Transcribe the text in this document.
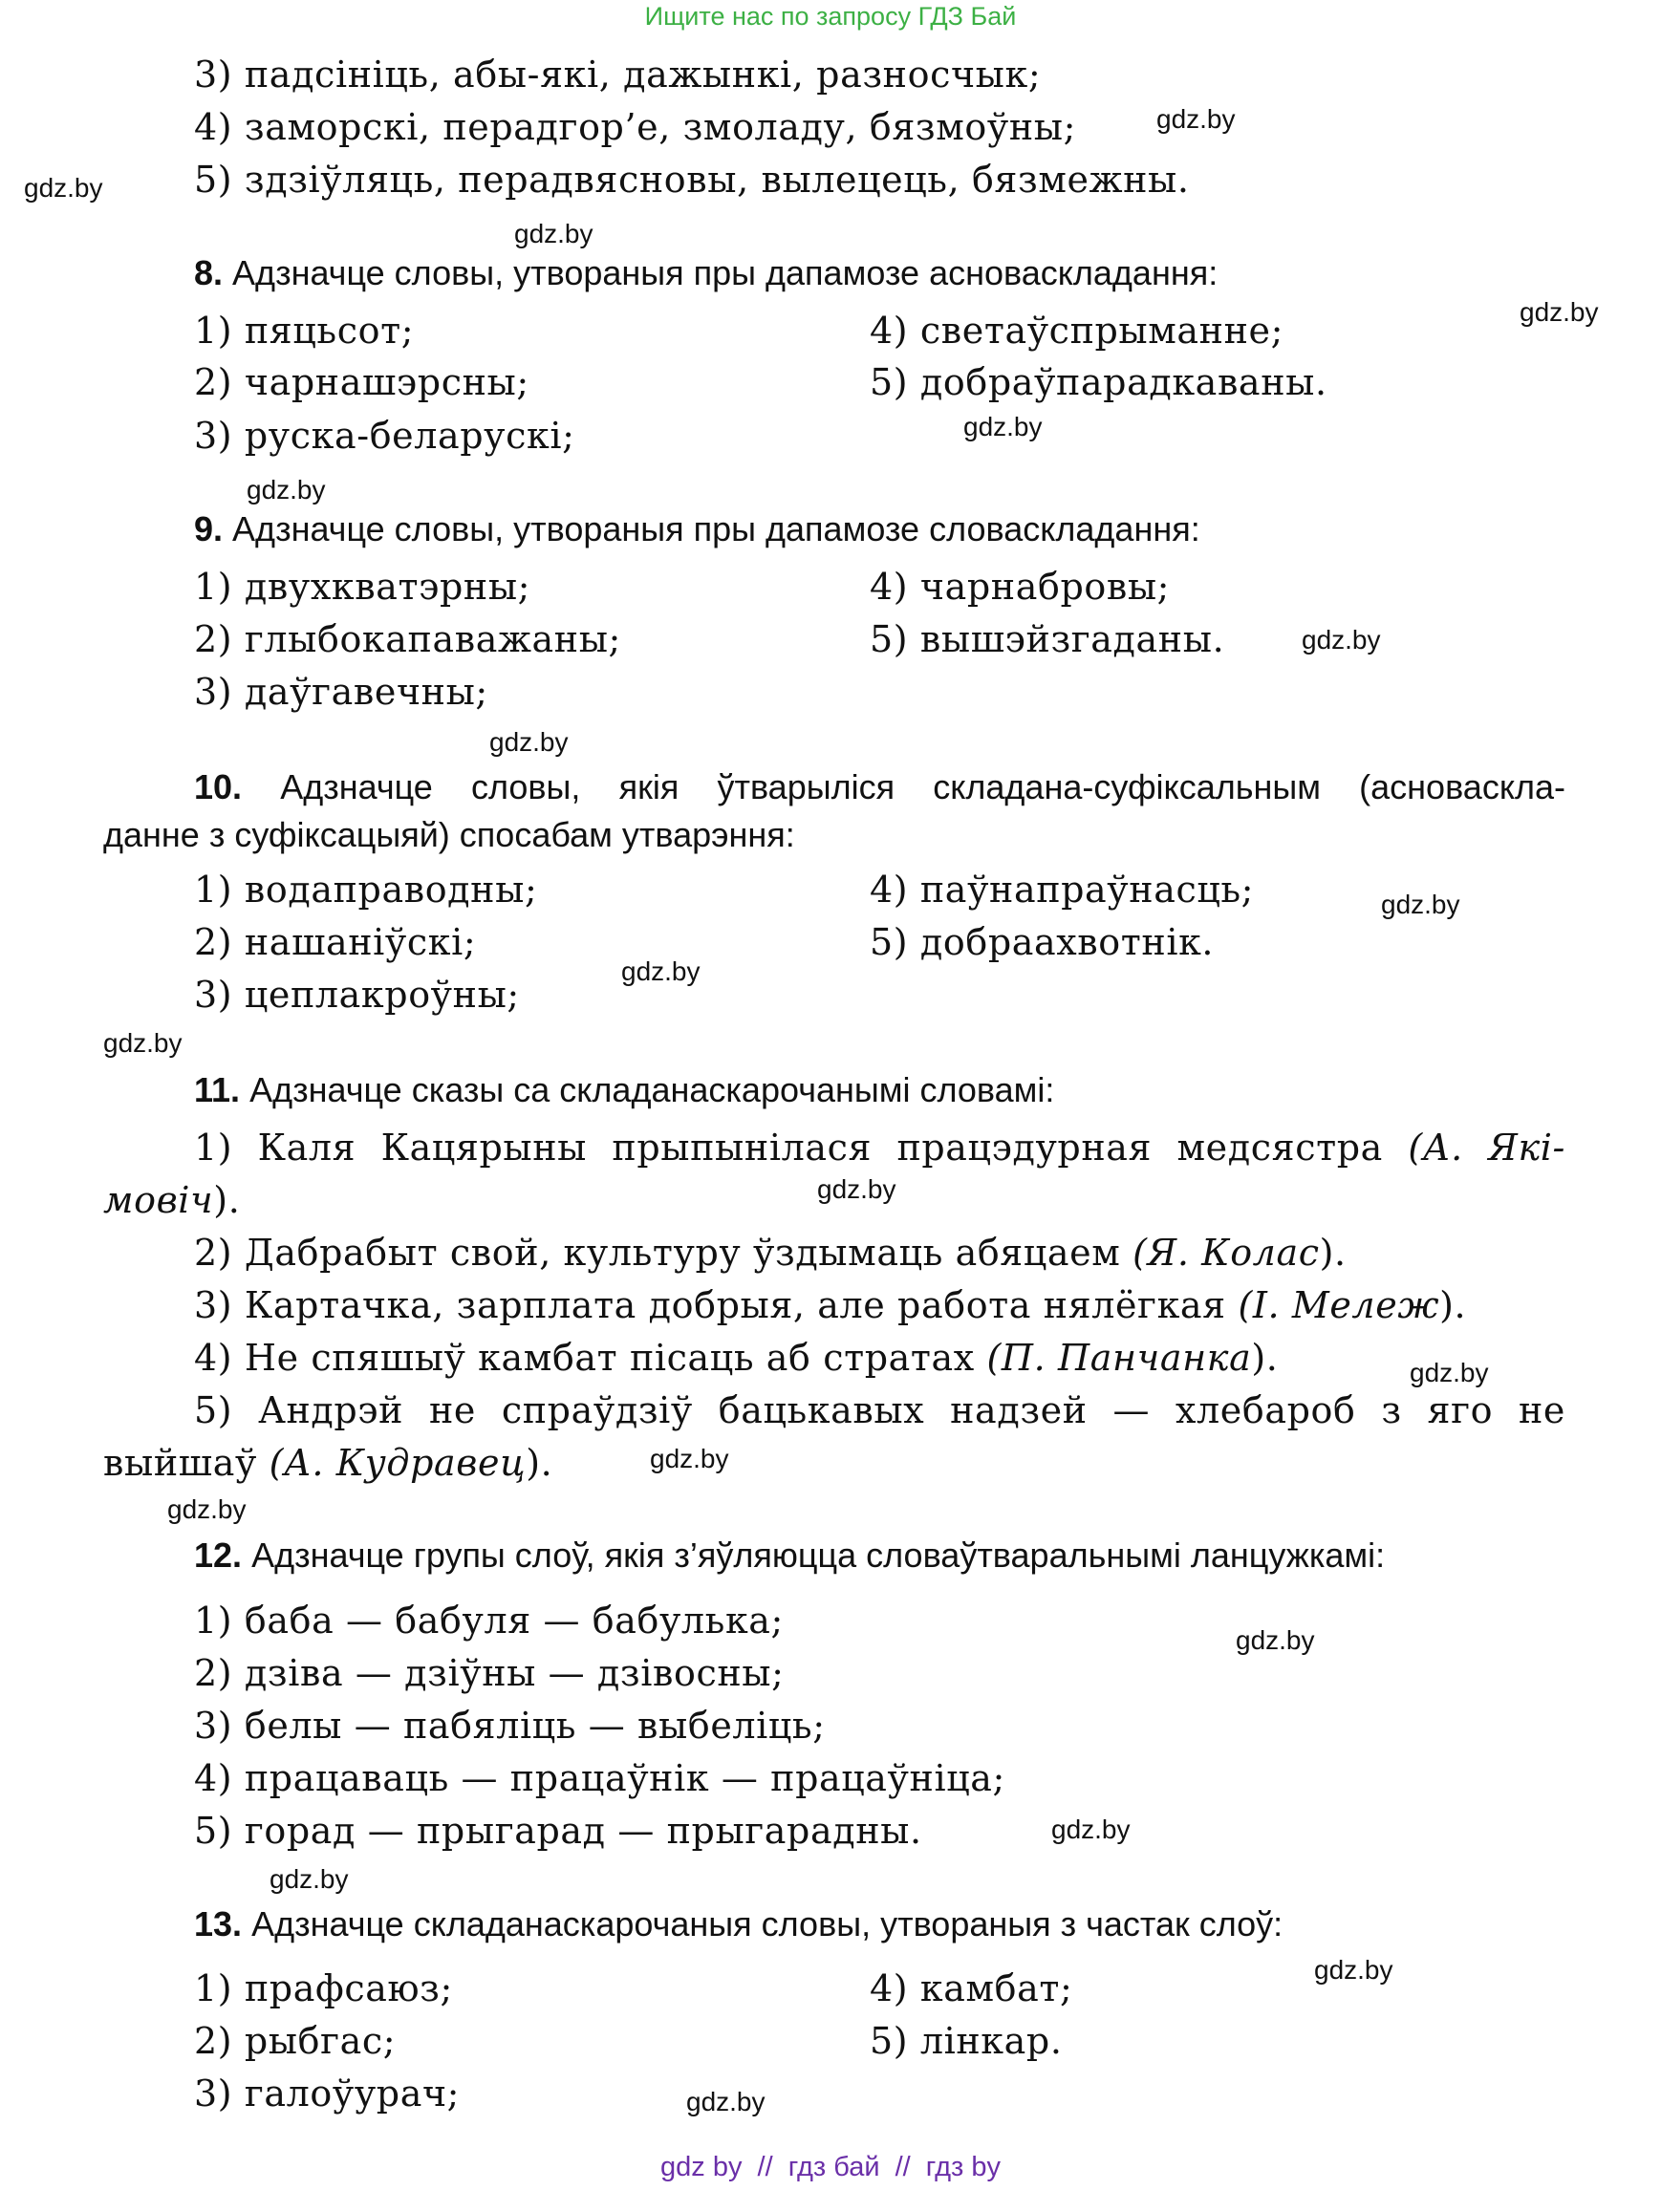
Ищите нас по запросу ГДЗ Бай
3) падсініць, абы-які, дажынкі, разносчык;
4) заморскі, перадгор’е, змоладу, бязмоўны;
5) здзіўляць, перадвясновы, вылецець, бязмежны.
8. Адзначце словы, утвораныя пры дапамозе асноваскладання:
1) пяцьсот;
2) чарнашэрсны;
3) руска-беларускі;
4) светаўспрыманне;
5) добраўпарадкаваны.
9. Адзначце словы, утвораныя пры дапамозе словаскладання:
1) двухкватэрны;
2) глыбокапаважаны;
3) даўгавечны;
4) чарнабровы;
5) вышэйзгаданы.
10. Адзначце словы, якія ўтварыліся складана-суфіксальным (асноваскла-
данне з суфіксацыяй) спосабам утварэння:
1) водаправодны;
2) нашаніўскі;
3) цеплакроўны;
4) паўнапраўнасць;
5) добраахвотнік.
11. Адзначце сказы са складанаскарочанымі словамі:
1) Каля Кацярыны прыпынілася працэдурная медсястра (А. Які-
мовіч).
2) Дабрабыт свой, культуру ўздымаць абяцаем (Я. Колас).
3) Картачка, зарплата добрыя, але работа нялёгкая (І. Мележ).
4) Не спяшыў камбат пісаць аб стратах (П. Панчанка).
5) Андрэй не спраўдзіў бацькавых надзей — хлебароб з яго не
выйшаў (А. Кудравец).
12. Адзначце групы слоў, якія з’яўляюцца словаўтваральнымі ланцужкамі:
1) баба — бабуля — бабулька;
2) дзіва — дзіўны — дзівосны;
3) белы — пабяліць — выбеліць;
4) працаваць — працаўнік — працаўніца;
5) горад — прыгарад — прыгарадны.
13. Адзначце складанаскарочаныя словы, утвораныя з частак слоў:
1) прафсаюз;
2) рыбгас;
3) галоўурач;
4) камбат;
5) лінкар.
gdz.by
gdz.by
gdz.by
gdz.by
gdz.by
gdz.by
gdz.by
gdz.by
gdz.by
gdz.by
gdz.by
gdz.by
gdz.by
gdz.by
gdz.by
gdz.by
gdz.by
gdz.by
gdz.by
gdz.by
gdz by // гдз бай // гдз by
